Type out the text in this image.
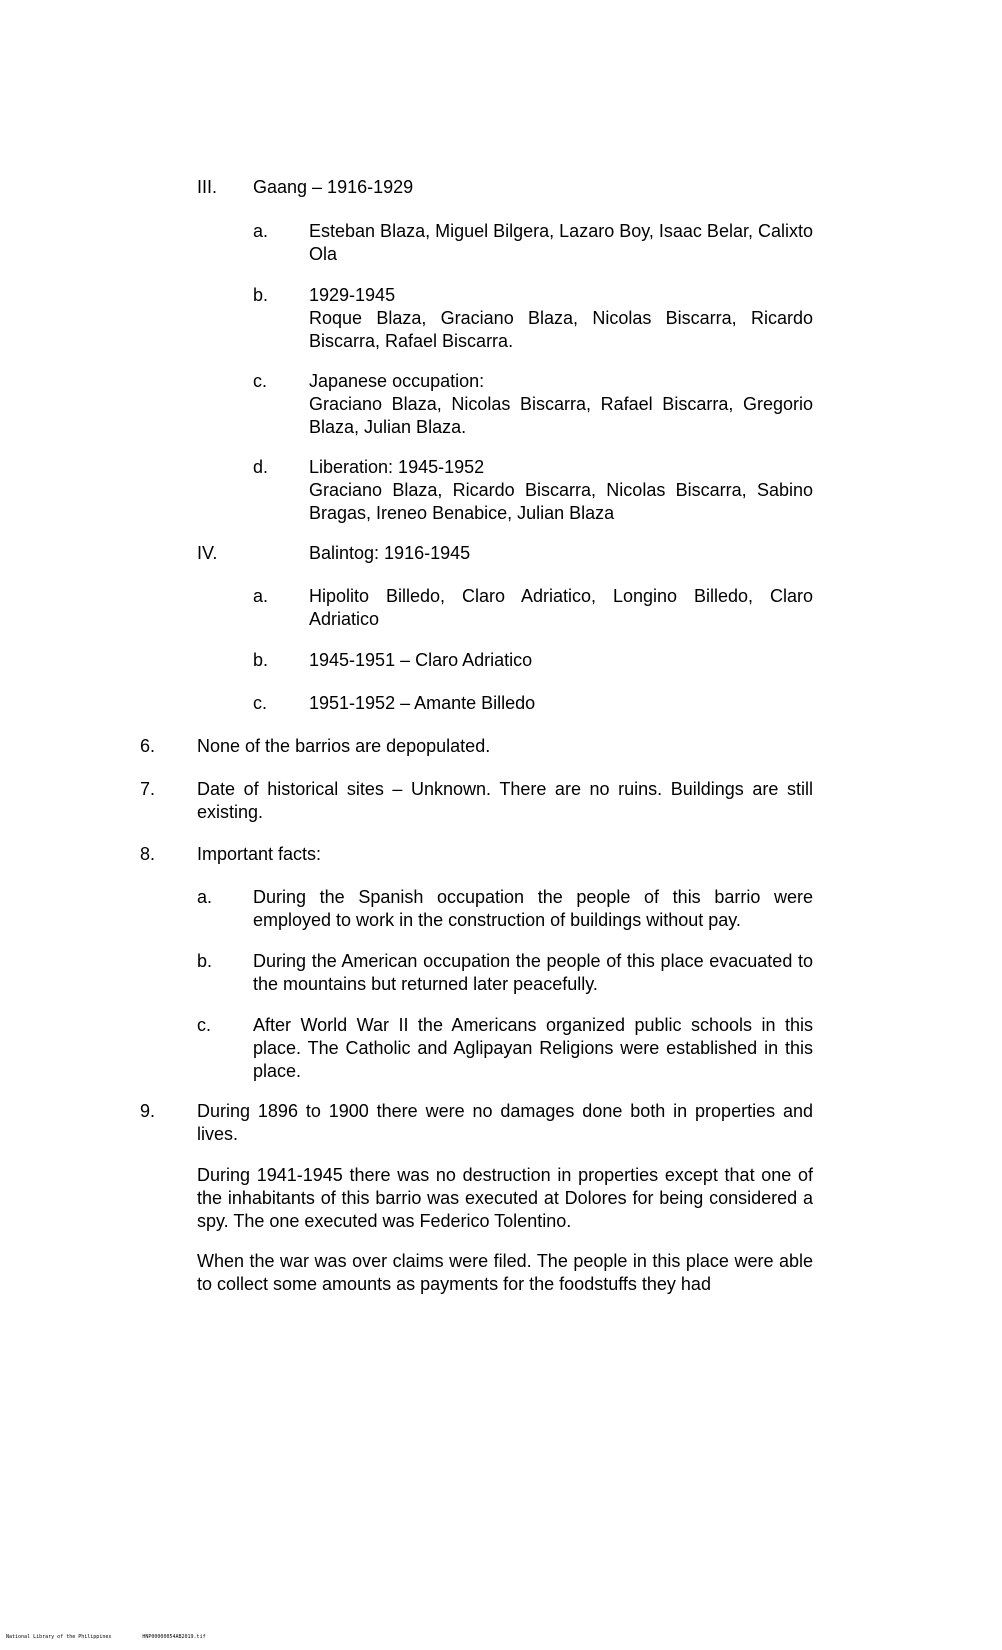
III.	Gaang – 1916-1929
a.	Esteban Blaza, Miguel Bilgera, Lazaro Boy, Isaac Belar, Calixto Ola
b.	1929-1945
Roque Blaza, Graciano Blaza, Nicolas Biscarra, Ricardo Biscarra, Rafael Biscarra.
c.	Japanese occupation:
Graciano Blaza, Nicolas Biscarra, Rafael Biscarra, Gregorio Blaza, Julian Blaza.
d.	Liberation: 1945-1952
Graciano Blaza, Ricardo Biscarra, Nicolas Biscarra, Sabino Bragas, Ireneo Benabice, Julian Blaza
IV.	Balintog: 1916-1945
a.	Hipolito Billedo, Claro Adriatico, Longino Billedo, Claro Adriatico
b.	1945-1951 – Claro Adriatico
c.	1951-1952 – Amante Billedo
6.	None of the barrios are depopulated.
7.	Date of historical sites – Unknown. There are no ruins. Buildings are still existing.
8.	Important facts:
a.	During the Spanish occupation the people of this barrio were employed to work in the construction of buildings without pay.
b.	During the American occupation the people of this place evacuated to the mountains but returned later peacefully.
c.	After World War II the Americans organized public schools in this place. The Catholic and Aglipayan Religions were established in this place.
9.	During 1896 to 1900 there were no damages done both in properties and lives.
During 1941-1945 there was no destruction in properties except that one of the inhabitants of this barrio was executed at Dolores for being considered a spy. The one executed was Federico Tolentino.
When the war was over claims were filed. The people in this place were able to collect some amounts as payments for the foodstuffs they had
National Library of the Philippines	HNP00000054AB2019.tif
